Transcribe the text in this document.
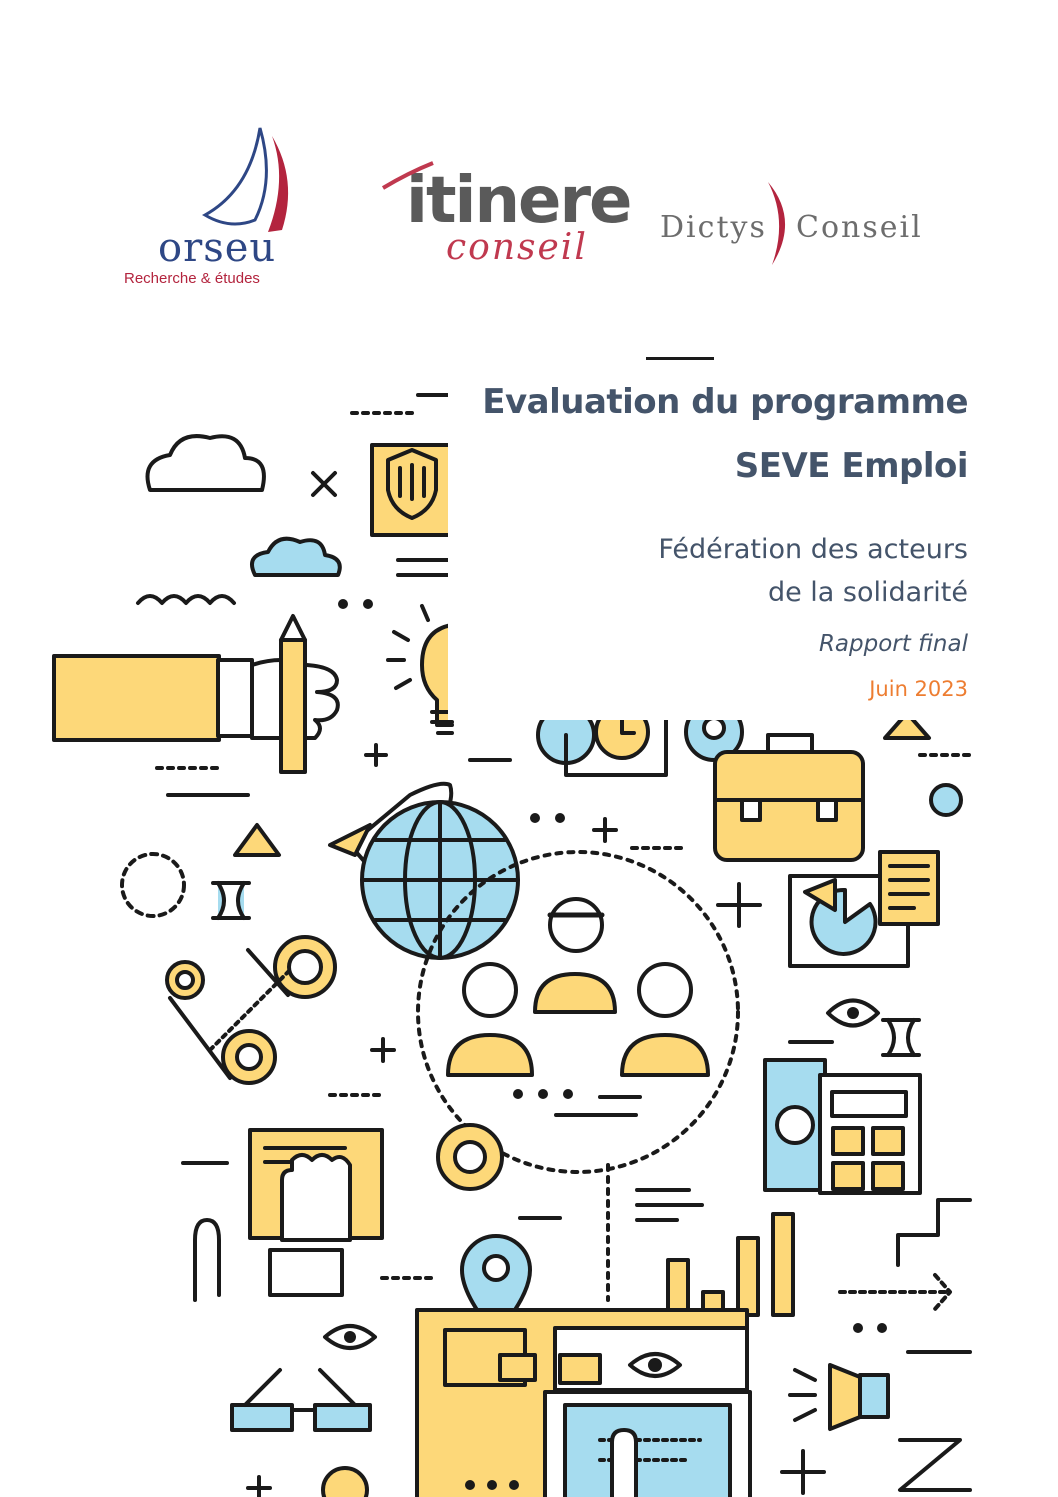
orseu
Recherche & études
itinere
conseil Dictys Conseil
Evaluation du programme
SEVE Emploi
Fédération des acteurs
de la solidarité
Rapport final
Juin 2023
